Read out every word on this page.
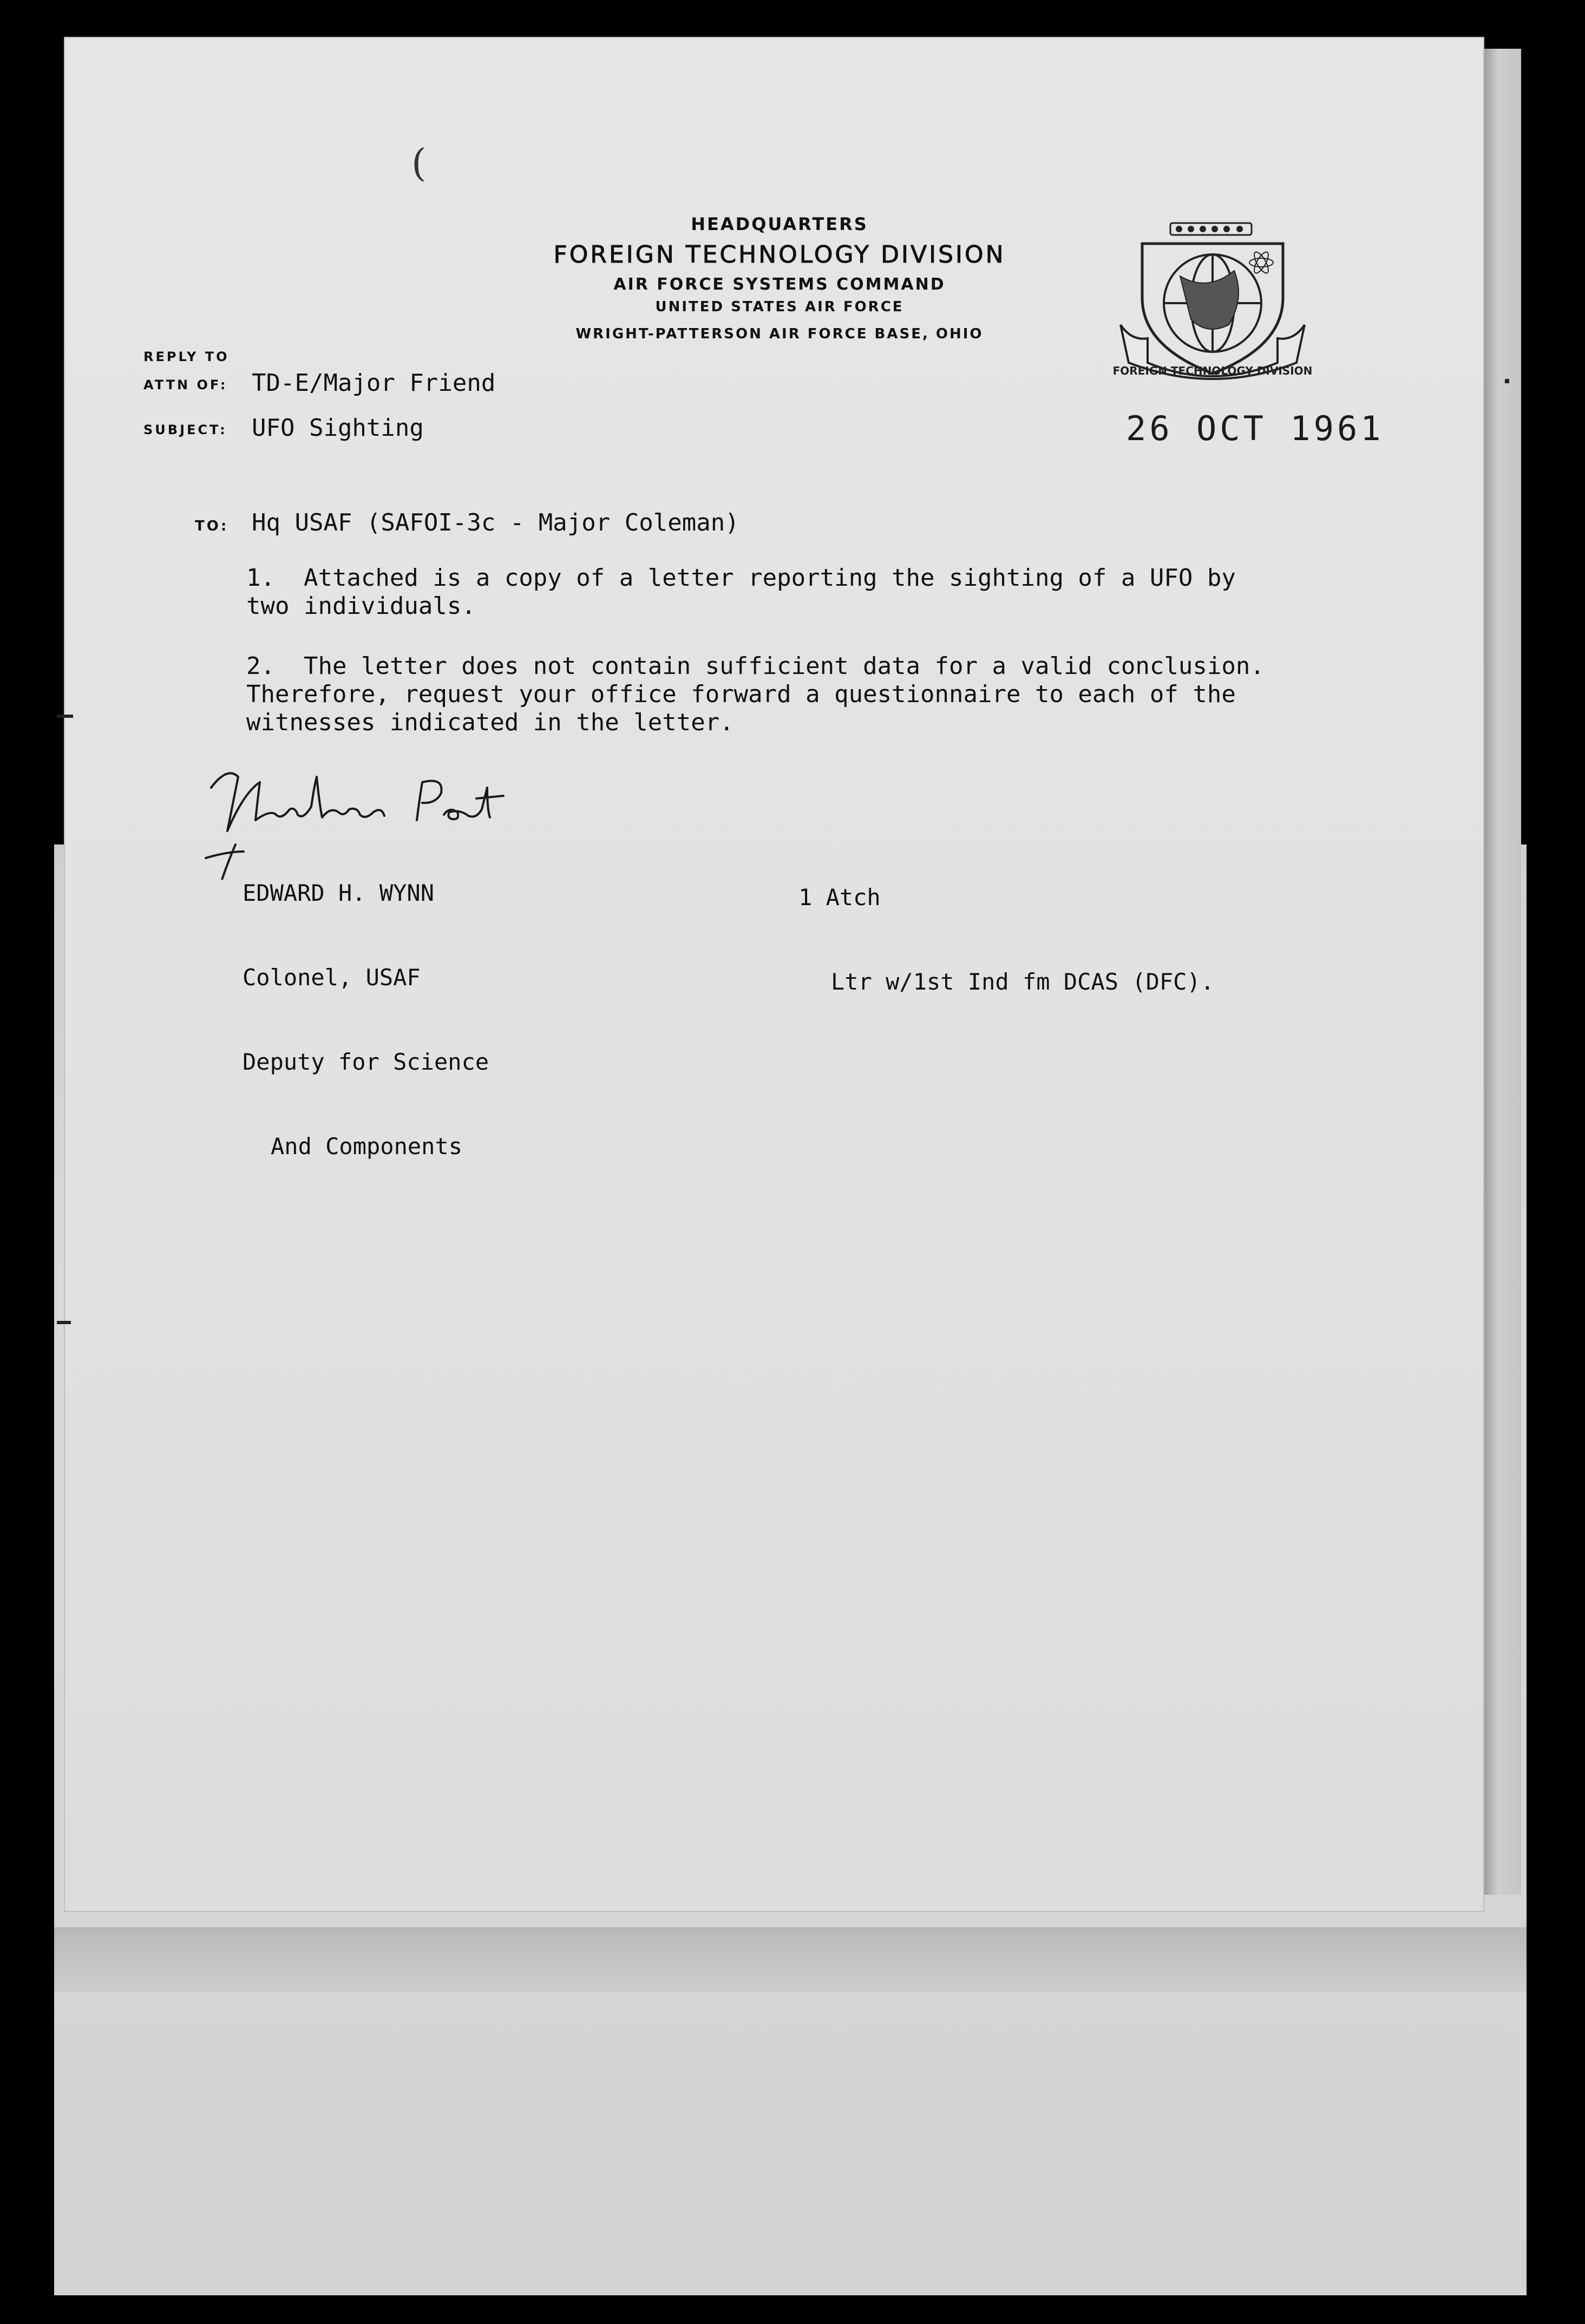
(
HEADQUARTERS
FOREIGN TECHNOLOGY DIVISION
AIR FORCE SYSTEMS COMMAND
UNITED STATES AIR FORCE
WRIGHT-PATTERSON AIR FORCE BASE, OHIO
FOREIGN TECHNOLOGY DIVISION
REPLY TO
ATTN OF: TD-E/Major Friend
SUBJECT: UFO Sighting	26 OCT 1961
TO: Hq USAF (SAFOI-3c - Major Coleman)
1.  Attached is a copy of a letter reporting the sighting of a UFO by
two individuals.
2.  The letter does not contain sufficient data for a valid conclusion.
Therefore, request your office forward a questionnaire to each of the
witnesses indicated in the letter.

EDWARD H. WYNN

Colonel, USAF

Deputy for Science

And Components

1 Atch

Ltr w/1st Ind fm DCAS (DFC).
